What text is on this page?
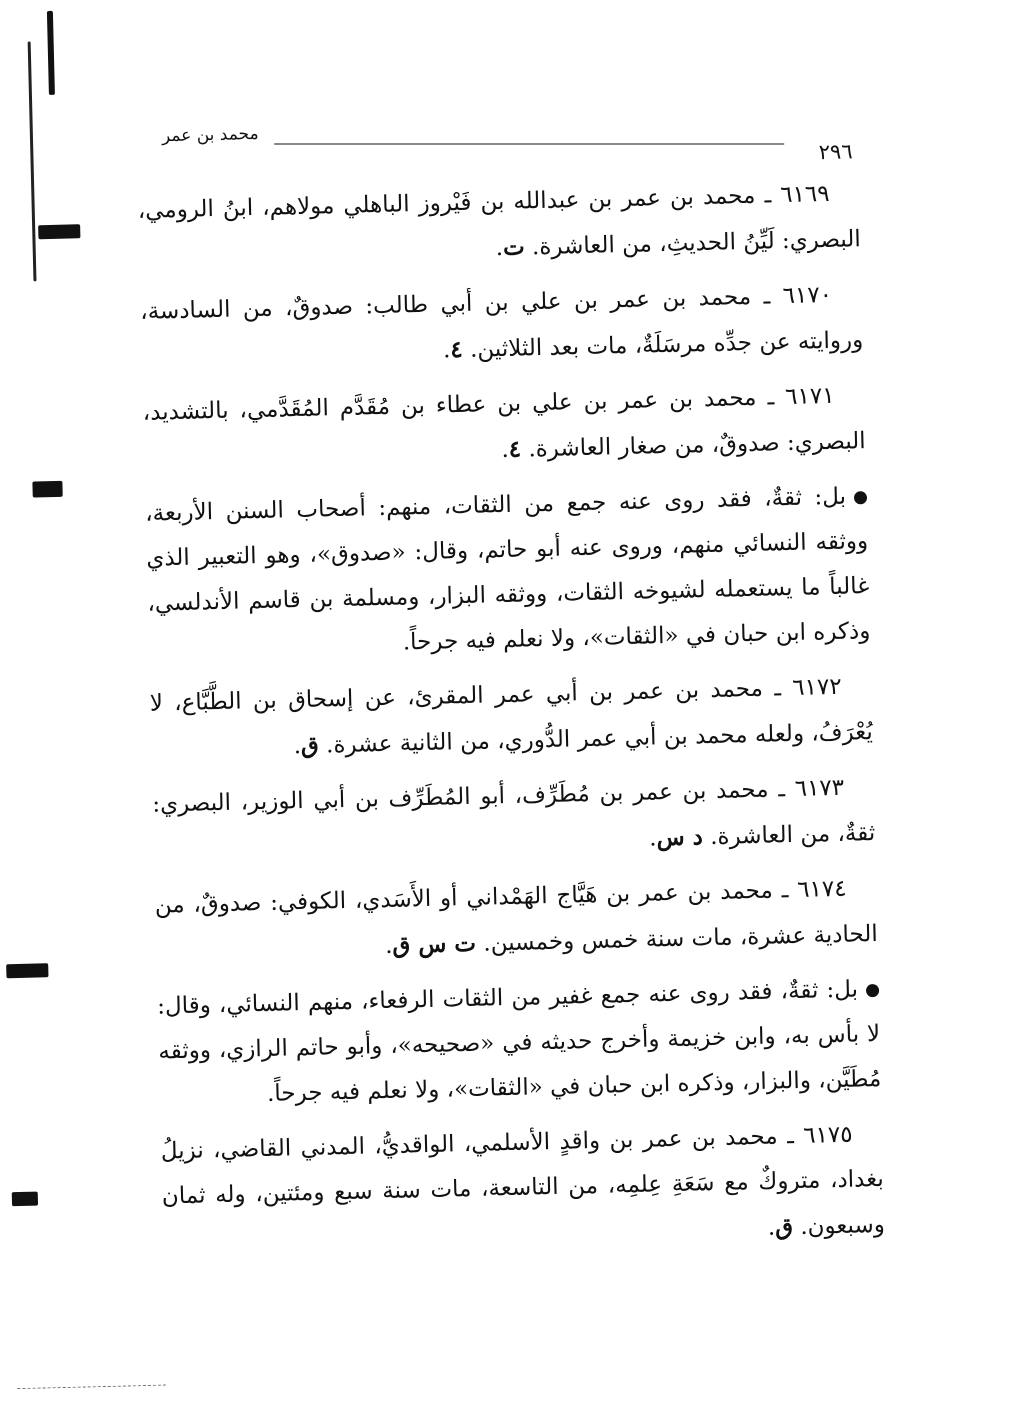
محمد بن عمر
٢٩٦

٦١٦٩ ـ محمد بن عمر بن عبدالله بن فَيْروز الباهلي مولاهم، ابنُ الرومي، البصري: لَيِّنُ الحديثِ، من العاشرة. ت.

٦١٧٠ ـ محمد بن عمر بن علي بن أبي طالب: صدوقٌ، من السادسة، وروايته عن جدِّه مرسَلَةٌ، مات بعد الثلاثين. ٤.

٦١٧١ ـ محمد بن عمر بن علي بن عطاء بن مُقَدَّم المُقَدَّمي، بالتشديد، البصري: صدوقٌ، من صغار العاشرة. ٤.

بل: ثقةٌ، فقد روى عنه جمع من الثقات، منهم: أصحاب السنن الأربعة، ووثقه النسائي منهم، وروى عنه أبو حاتم، وقال: «صدوق»، وهو التعبير الذي غالباً ما يستعمله لشيوخه الثقات، ووثقه البزار، ومسلمة بن قاسم الأندلسي، وذكره ابن حبان في «الثقات»، ولا نعلم فيه جرحاً.

٦١٧٢ ـ محمد بن عمر بن أبي عمر المقرئ، عن إسحاق بن الطَّبَّاع، لا يُعْرَفُ، ولعله محمد بن أبي عمر الدُّوري، من الثانية عشرة. ق.

٦١٧٣ ـ محمد بن عمر بن مُطَرِّف، أبو المُطَرِّف بن أبي الوزير، البصري: ثقةٌ، من العاشرة. د س.

٦١٧٤ ـ محمد بن عمر بن هَيَّاج الهَمْداني أو الأَسَدي، الكوفي: صدوقٌ، من الحادية عشرة، مات سنة خمس وخمسين. ت س ق.

بل: ثقةٌ، فقد روى عنه جمع غفير من الثقات الرفعاء، منهم النسائي، وقال: لا بأس به، وابن خزيمة وأخرج حديثه في «صحيحه»، وأبو حاتم الرازي، ووثقه مُطَيَّن، والبزار، وذكره ابن حبان في «الثقات»، ولا نعلم فيه جرحاً.

٦١٧٥ ـ محمد بن عمر بن واقدٍ الأسلمي، الواقديُّ، المدني القاضي، نزيلُ بغداد، متروكٌ مع سَعَةِ عِلمِه، من التاسعة، مات سنة سبع ومئتين، وله ثمان وسبعون. ق.
